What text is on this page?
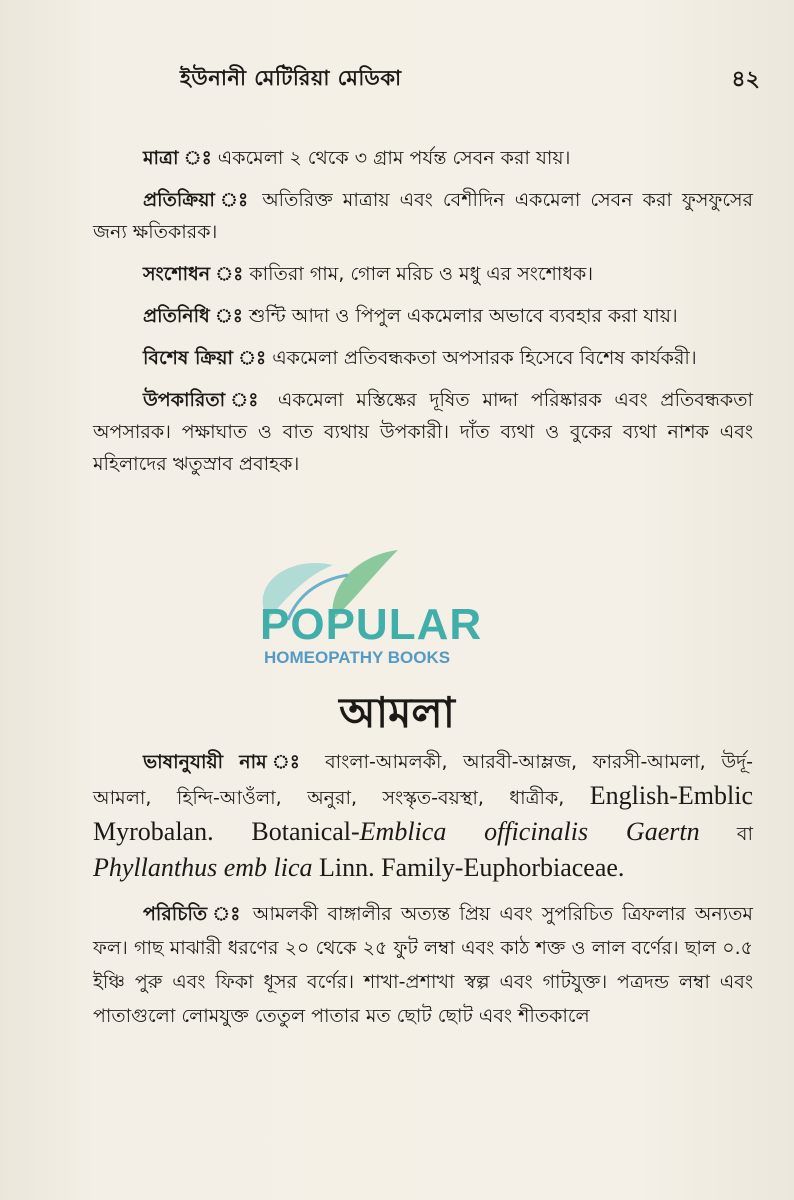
ইউনানী মেটিরিয়া মেডিকা	৪২

মাত্রা ঃ একমেলা ২ থেকে ৩ গ্রাম পর্যন্ত সেবন করা যায়।

প্রতিক্রিয়া ঃ অতিরিক্ত মাত্রায় এবং বেশীদিন একমেলা সেবন করা ফুসফুসের জন্য ক্ষতিকারক।

সংশোধন ঃ কাতিরা গাম, গোল মরিচ ও মধু এর সংশোধক।

প্রতিনিধি ঃ শুন্টি আদা ও পিপুল একমেলার অভাবে ব্যবহার করা যায়।

বিশেষ ক্রিয়া ঃ একমেলা প্রতিবন্ধকতা অপসারক হিসেবে বিশেষ কার্যকরী।

উপকারিতা ঃ একমেলা মস্তিষ্কের দূষিত মাদ্দা পরিষ্কারক এবং প্রতিবন্ধকতা অপসারক। পক্ষাঘাত ও বাত ব্যথায় উপকারী। দাঁত ব্যথা ও বুকের ব্যথা নাশক এবং মহিলাদের ঋতুস্রাব প্রবাহক।

POPULAR
HOMEOPATHY BOOKS
আমলা

ভাষানুযায়ী নাম ঃ বাংলা-আমলকী, আরবী-আম্লজ, ফারসী-আমলা, উর্দূ-আমলা, হিন্দি-আওঁলা, অনুরা, সংস্কৃত-বয়স্থা, ধাত্রীক, English-Emblic Myrobalan. Botanical-Emblica officinalis Gaertn বা Phyllanthus emb lica Linn. Family-Euphorbiaceae.

পরিচিতি ঃ আমলকী বাঙ্গালীর অত্যন্ত প্রিয় এবং সুপরিচিত ত্রিফলার অন্যতম ফল। গাছ মাঝারী ধরণের ২০ থেকে ২৫ ফুট লম্বা এবং কাঠ শক্ত ও লাল বর্ণের। ছাল ০.৫ ইঞ্চি পুরু এবং ফিকা ধূসর বর্ণের। শাখা-প্রশাখা স্বল্প এবং গাটযুক্ত। পত্রদন্ড লম্বা এবং পাতাগুলো লোমযুক্ত তেতুল পাতার মত ছোট ছোট এবং শীতকালে
